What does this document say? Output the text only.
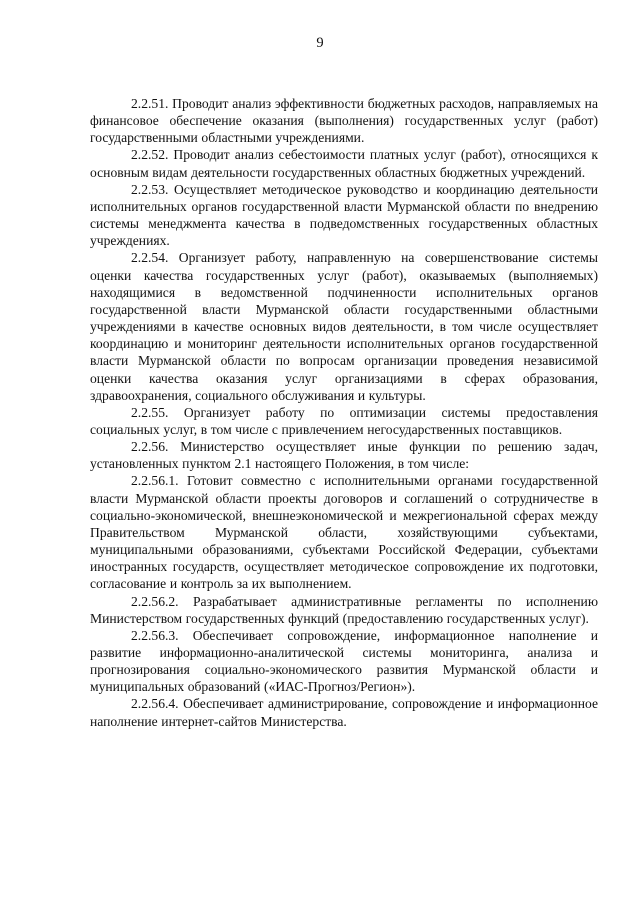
9

2.2.51. Проводит анализ эффективности бюджетных расходов, направляемых на финансовое обеспечение оказания (выполнения) государственных услуг (работ) государственными областными учреждениями.

2.2.52. Проводит анализ себестоимости платных услуг (работ), относящихся к основным видам деятельности государственных областных бюджетных учреждений.

2.2.53. Осуществляет методическое руководство и координацию деятельности исполнительных органов государственной власти Мурманской области по внедрению системы менеджмента качества в подведомственных государственных областных учреждениях.

2.2.54. Организует работу, направленную на совершенствование системы оценки качества государственных услуг (работ), оказываемых (выполняемых) находящимися в ведомственной подчиненности исполнительных органов государственной власти Мурманской области государственными областными учреждениями в качестве основных видов деятельности, в том числе осуществляет координацию и мониторинг деятельности исполнительных органов государственной власти Мурманской области по вопросам организации проведения независимой оценки качества оказания услуг организациями в сферах образования, здравоохранения, социального обслуживания и культуры.

2.2.55. Организует работу по оптимизации системы предоставления социальных услуг, в том числе с привлечением негосударственных поставщиков.

2.2.56. Министерство осуществляет иные функции по решению задач, установленных пунктом 2.1 настоящего Положения, в том числе:

2.2.56.1. Готовит совместно с исполнительными органами государственной власти Мурманской области проекты договоров и соглашений о сотрудничестве в социально-экономической, внешнеэкономической и межрегиональной сферах между Правительством Мурманской области, хозяйствующими субъектами, муниципальными образованиями, субъектами Российской Федерации, субъектами иностранных государств, осуществляет методическое сопровождение их подготовки, согласование и контроль за их выполнением.

2.2.56.2. Разрабатывает административные регламенты по исполнению Министерством государственных функций (предоставлению государственных услуг).

2.2.56.3. Обеспечивает сопровождение, информационное наполнение и развитие информационно-аналитической системы мониторинга, анализа и прогнозирования социально-экономического развития Мурманской области и муниципальных образований («ИАС-Прогноз/Регион»).

2.2.56.4. Обеспечивает администрирование, сопровождение и информационное наполнение интернет-сайтов Министерства.
